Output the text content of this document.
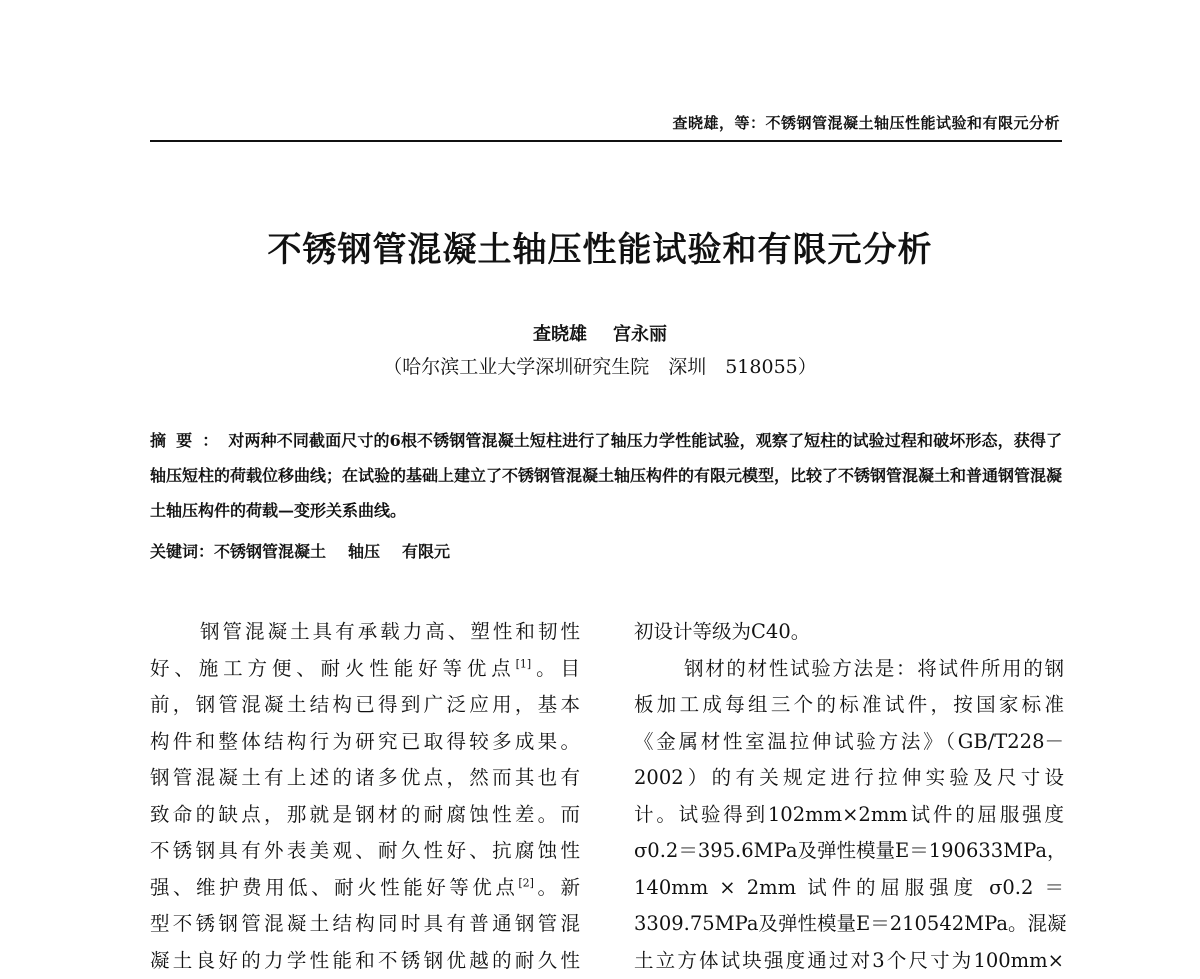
查晓雄，等：不锈钢管混凝土轴压性能试验和有限元分析
不锈钢管混凝土轴压性能试验和有限元分析
查晓雄 宫永丽
（哈尔滨工业大学深圳研究生院　深圳　518055）
摘要：对两种不同截面尺寸的6根不锈钢管混凝土短柱进行了轴压力学性能试验，观察了短柱的试验过程和破坏形态，获得了轴压短柱的荷载位移曲线；在试验的基础上建立了不锈钢管混凝土轴压构件的有限元模型，比较了不锈钢管混凝土和普通钢管混凝土轴压构件的荷载—变形关系曲线。
关键词：不锈钢管混凝土 轴压 有限元
钢管混凝土具有承载力高、塑性和韧性
好、施工方便、耐火性能好等优点[1]。目
前，钢管混凝土结构已得到广泛应用，基本
构件和整体结构行为研究已取得较多成果。
钢管混凝土有上述的诸多优点，然而其也有
致命的缺点，那就是钢材的耐腐蚀性差。而
不锈钢具有外表美观、耐久性好、抗腐蚀性
强、维护费用低、耐火性能好等优点[2]。新
型不锈钢管混凝土结构同时具有普通钢管混
凝土良好的力学性能和不锈钢优越的耐久性
初设计等级为C40。
钢材的材性试验方法是：将试件所用的钢
板加工成每组三个的标准试件，按国家标准
《金属材性室温拉伸试验方法》（GB/T228－
2002）的有关规定进行拉伸实验及尺寸设
计。试验得到102mm×2mm试件的屈服强度
σ0.2＝395.6MPa及弹性模量E＝190633MPa，
140mm × 2mm 试件的屈服强度 σ0.2 ＝
3309.75MPa及弹性模量E＝210542MPa。混凝
土立方体试块强度通过对3个尺寸为100mm×
